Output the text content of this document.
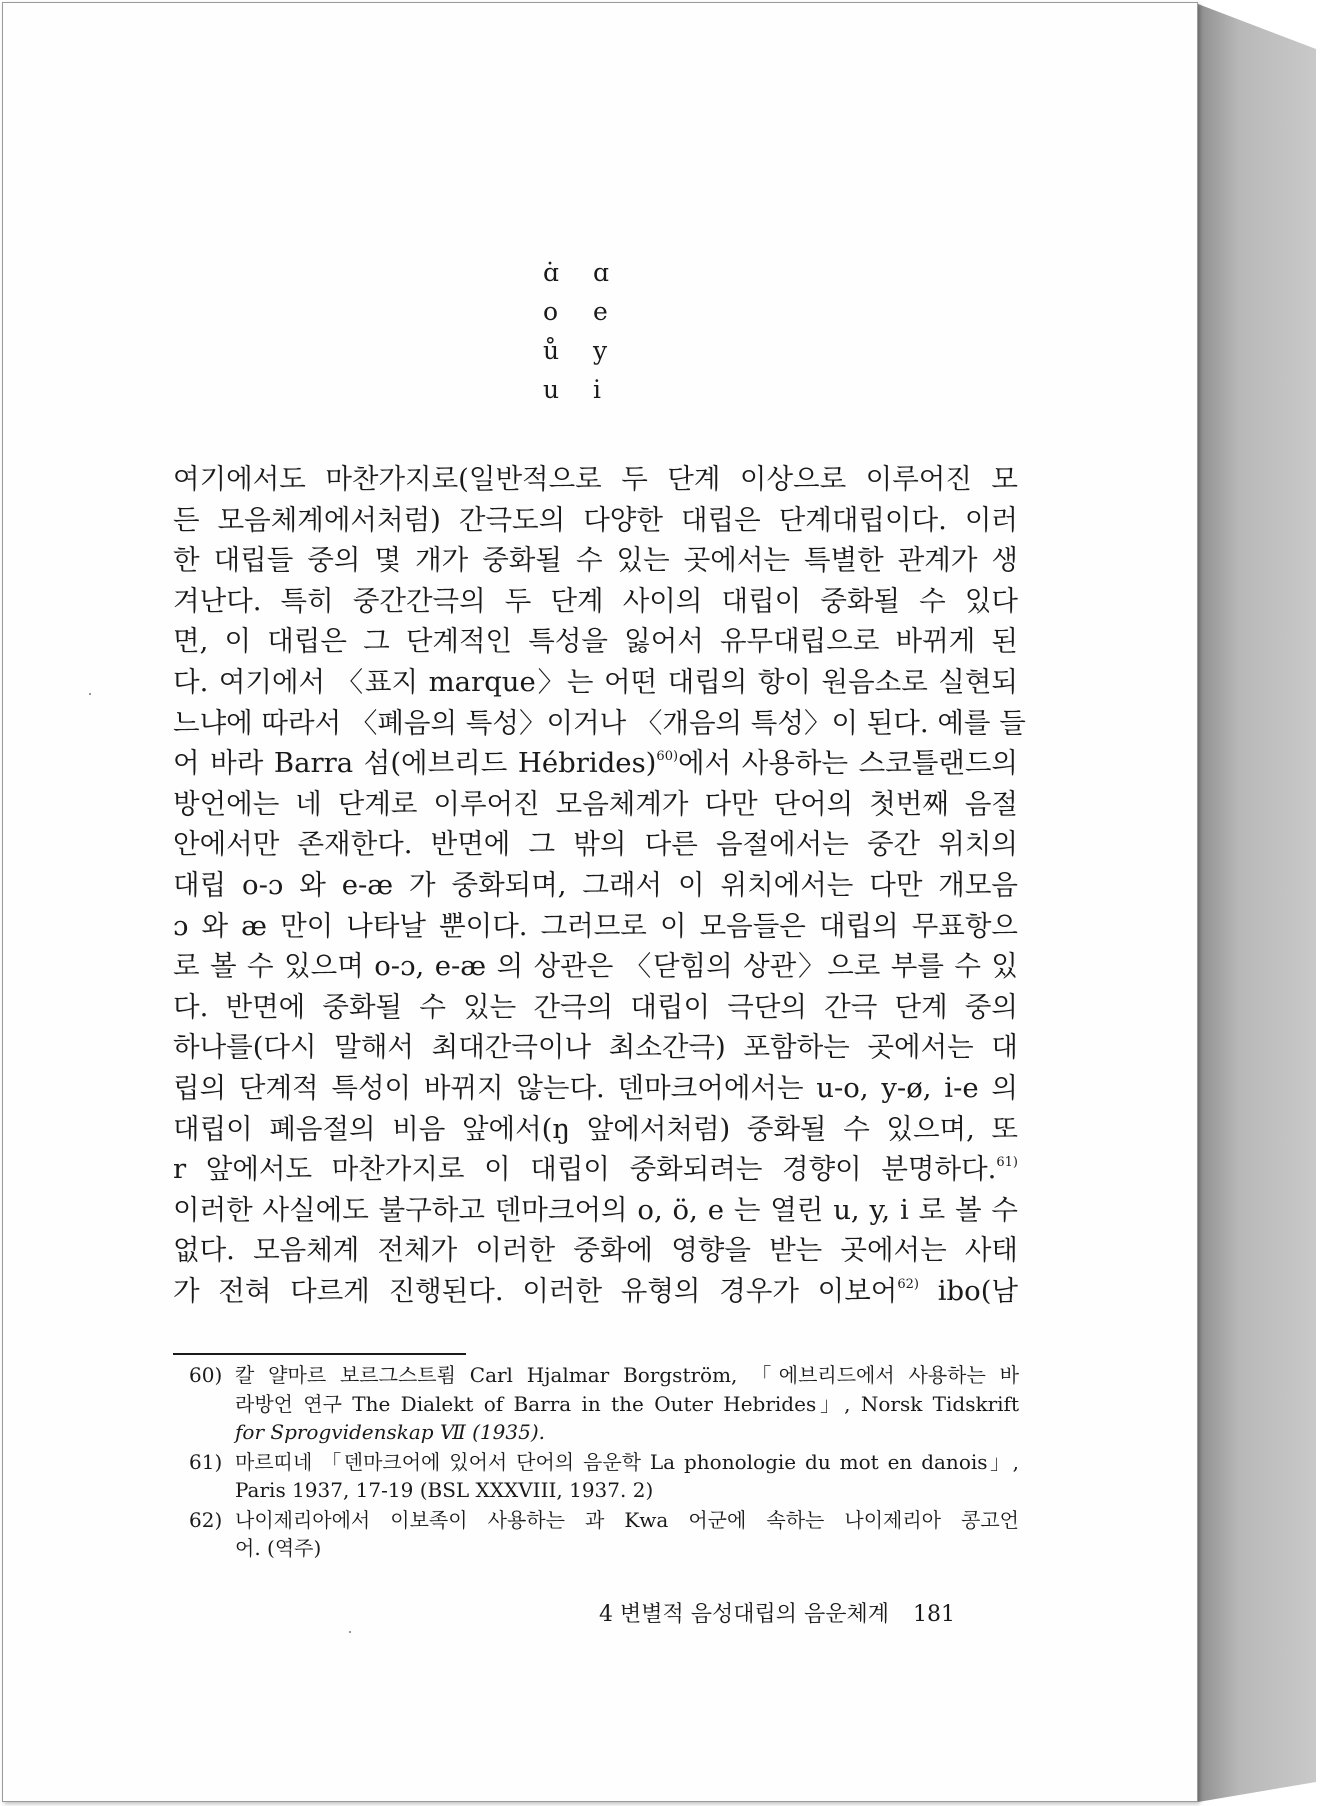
ɑ̇	ɑ
o	e
ů	y
u	i
여기에서도 마찬가지로(일반적으로 두 단계 이상으로 이루어진 모
든 모음체계에서처럼) 간극도의 다양한 대립은 단계대립이다. 이러
한 대립들 중의 몇 개가 중화될 수 있는 곳에서는 특별한 관계가 생
겨난다. 특히 중간간극의 두 단계 사이의 대립이 중화될 수 있다
면, 이 대립은 그 단계적인 특성을 잃어서 유무대립으로 바뀌게 된
다. 여기에서 〈표지 marque〉는 어떤 대립의 항이 원음소로 실현되
느냐에 따라서 〈폐음의 특성〉이거나 〈개음의 특성〉이 된다. 예를 들
어 바라 Barra 섬(에브리드 Hébrides)$^{60)}$에서 사용하는 스코틀랜드의
방언에는 네 단계로 이루어진 모음체계가 다만 단어의 첫번째 음절
안에서만 존재한다. 반면에 그 밖의 다른 음절에서는 중간 위치의
대립 o-ɔ 와 e-æ 가 중화되며, 그래서 이 위치에서는 다만 개모음
ɔ 와 æ 만이 나타날 뿐이다. 그러므로 이 모음들은 대립의 무표항으
로 볼 수 있으며 o-ɔ, e-æ 의 상관은 〈닫힘의 상관〉으로 부를 수 있
다. 반면에 중화될 수 있는 간극의 대립이 극단의 간극 단계 중의
하나를(다시 말해서 최대간극이나 최소간극) 포함하는 곳에서는 대
립의 단계적 특성이 바뀌지 않는다. 덴마크어에서는 u-o, y-ø, i-e 의
대립이 폐음절의 비음 앞에서(ŋ 앞에서처럼) 중화될 수 있으며, 또
r 앞에서도 마찬가지로 이 대립이 중화되려는 경향이 분명하다.$^{61)}$
이러한 사실에도 불구하고 덴마크어의 o, ö, e 는 열린 u, y, i 로 볼 수
없다. 모음체계 전체가 이러한 중화에 영향을 받는 곳에서는 사태
가 전혀 다르게 진행된다. 이러한 유형의 경우가 이보어$^{62)}$ ibo(남
60) 칼 얄마르 보르그스트룀 Carl Hjalmar Borgström, 「에브리드에서 사용하는 바
라방언 연구 The Dialekt of Barra in the Outer Hebrides」, Norsk Tidskrift
for Sprogvidenskap Ⅶ (1935).
61) 마르띠네 「덴마크어에 있어서 단어의 음운학 La phonologie du mot en danois」,
Paris 1937, 17-19 (BSL XXXVIII, 1937. 2)
62) 나이제리아에서 이보족이 사용하는 과 Kwa 어군에 속하는 나이제리아 콩고언
어. (역주)
4 변별적 음성대립의 음운체계 181
